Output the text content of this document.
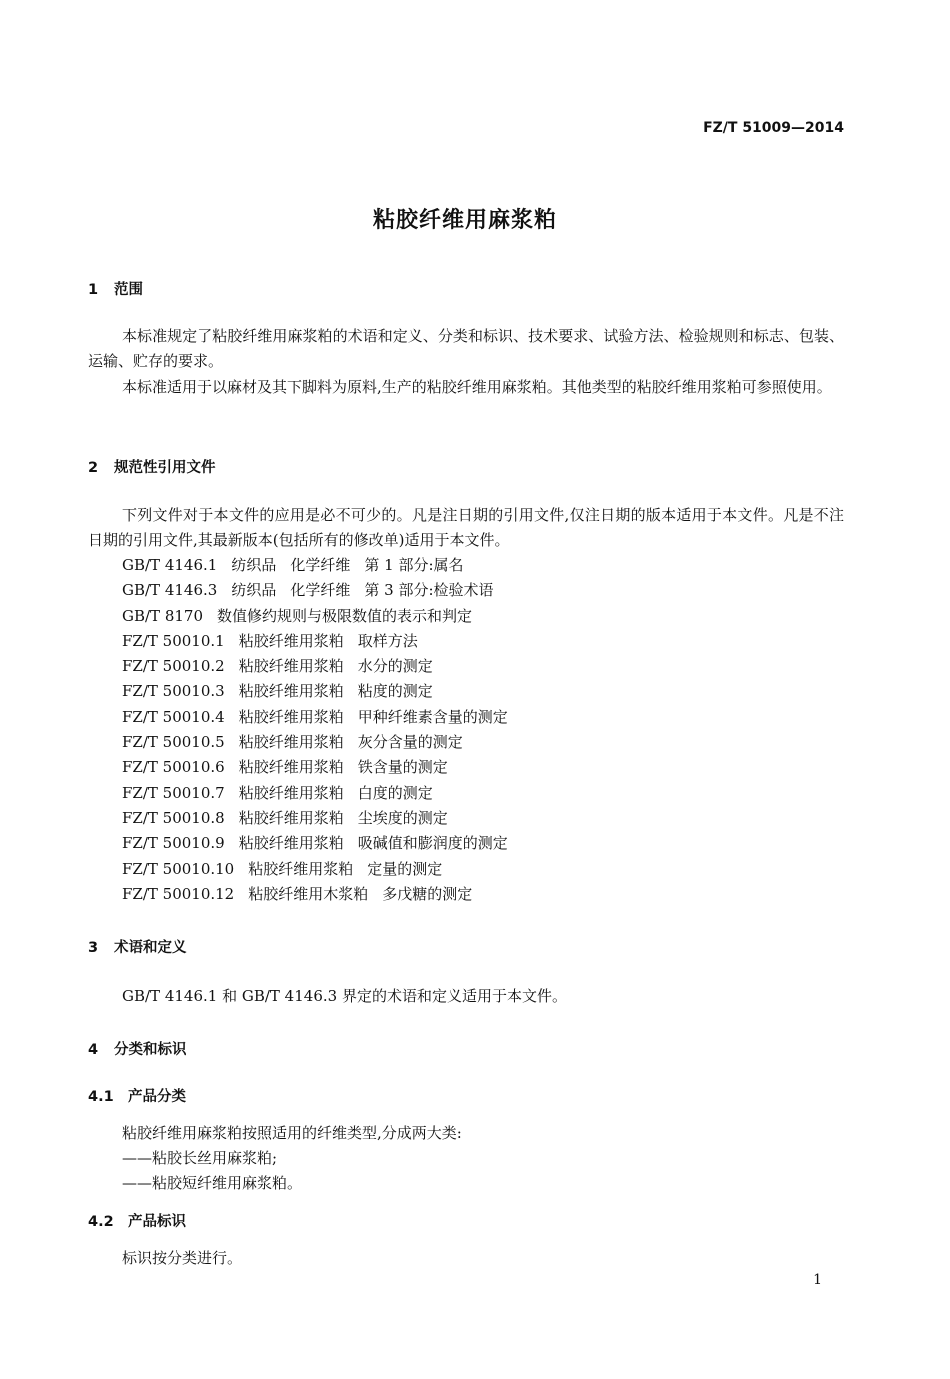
FZ/T 51009—2014
粘胶纤维用麻浆粕
1 范围
本标准规定了粘胶纤维用麻浆粕的术语和定义、分类和标识、技术要求、试验方法、检验规则和标志、包装、运输、贮存的要求。
本标准适用于以麻材及其下脚料为原料,生产的粘胶纤维用麻浆粕。其他类型的粘胶纤维用浆粕可参照使用。
2 规范性引用文件
下列文件对于本文件的应用是必不可少的。凡是注日期的引用文件,仅注日期的版本适用于本文件。凡是不注日期的引用文件,其最新版本(包括所有的修改单)适用于本文件。
GB/T 4146.1 纺织品 化学纤维 第 1 部分:属名
GB/T 4146.3 纺织品 化学纤维 第 3 部分:检验术语
GB/T 8170 数值修约规则与极限数值的表示和判定
FZ/T 50010.1 粘胶纤维用浆粕 取样方法
FZ/T 50010.2 粘胶纤维用浆粕 水分的测定
FZ/T 50010.3 粘胶纤维用浆粕 粘度的测定
FZ/T 50010.4 粘胶纤维用浆粕 甲种纤维素含量的测定
FZ/T 50010.5 粘胶纤维用浆粕 灰分含量的测定
FZ/T 50010.6 粘胶纤维用浆粕 铁含量的测定
FZ/T 50010.7 粘胶纤维用浆粕 白度的测定
FZ/T 50010.8 粘胶纤维用浆粕 尘埃度的测定
FZ/T 50010.9 粘胶纤维用浆粕 吸碱值和膨润度的测定
FZ/T 50010.10 粘胶纤维用浆粕 定量的测定
FZ/T 50010.12 粘胶纤维用木浆粕 多戊糖的测定
3 术语和定义
GB/T 4146.1 和 GB/T 4146.3 界定的术语和定义适用于本文件。
4 分类和标识
4.1 产品分类
粘胶纤维用麻浆粕按照适用的纤维类型,分成两大类:
——粘胶长丝用麻浆粕;
——粘胶短纤维用麻浆粕。
4.2 产品标识
标识按分类进行。
1
